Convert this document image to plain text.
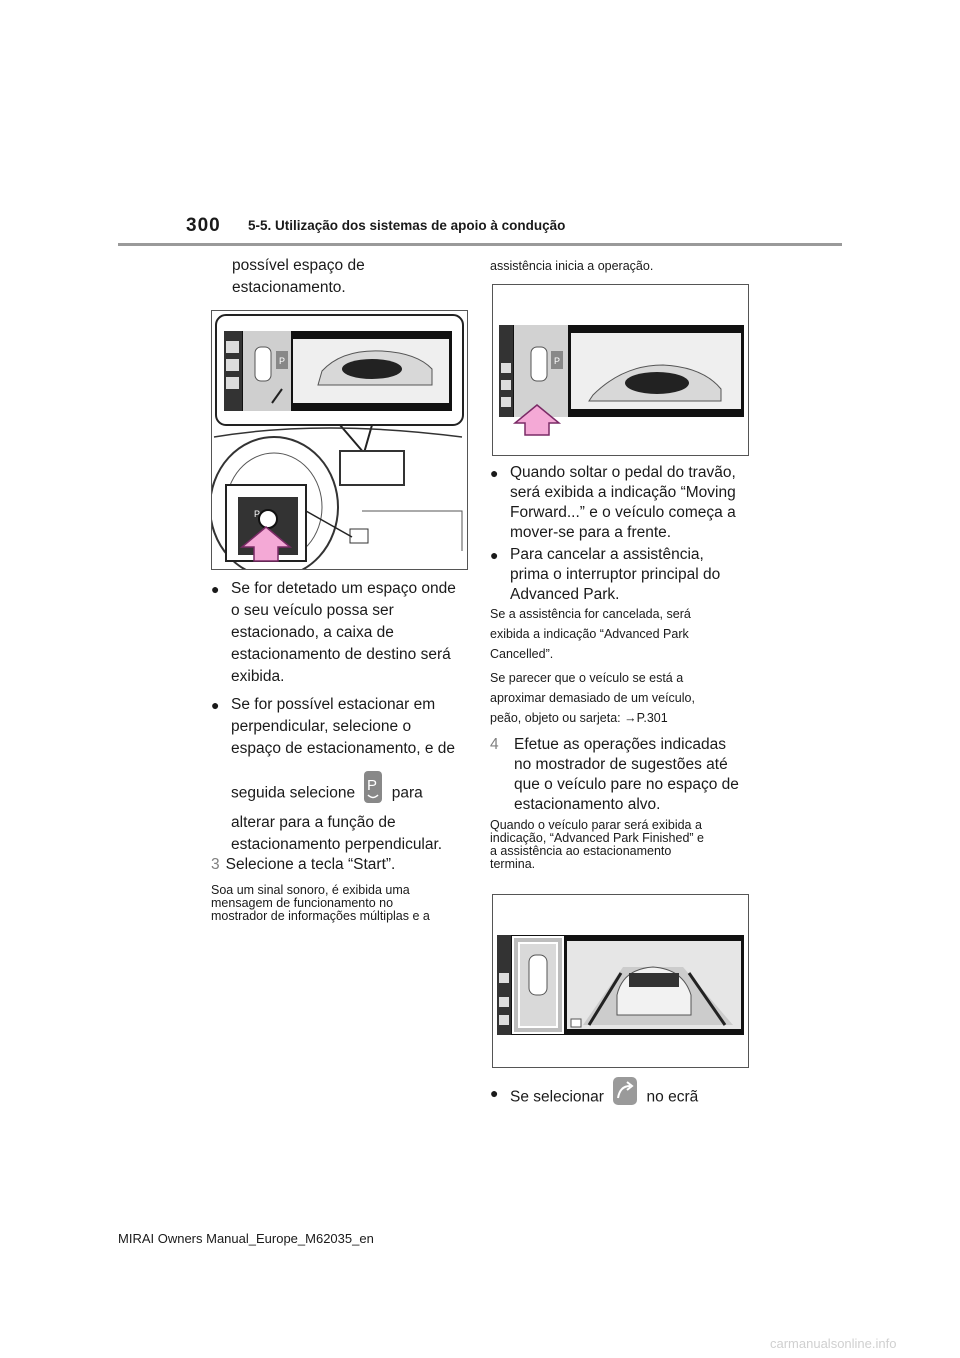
300 5-5. Utilização dos sistemas de apoio à condução
possível espaço de
estacionamento.
P
P
● Se for detetado um espaço onde
o seu veículo possa ser
estacionado, a caixa de
estacionamento de destino será
exibida.
● Se for possível estacionar em
perpendicular, selecione o
espaço de estacionamento, e de
seguida selecione P para
alterar para a função de
estacionamento perpendicular.
3 Selecione a tecla “Start”.
Soa um sinal sonoro, é exibida uma
mensagem de funcionamento no
mostrador de informações múltiplas e a
assistência inicia a operação.
P
● Quando soltar o pedal do travão,
será exibida a indicação “Moving
Forward...” e o veículo começa a
mover-se para a frente.
● Para cancelar a assistência,
prima o interruptor principal do
Advanced Park.
Se a assistência for cancelada, será
exibida a indicação “Advanced Park
Cancelled”.
Se parecer que o veículo se está a
aproximar demasiado de um veículo,
peão, objeto ou sarjeta: →P.301
4 Efetue as operações indicadas
no mostrador de sugestões até
que o veículo pare no espaço de
estacionamento alvo.
Quando o veículo parar será exibida a
indicação, “Advanced Park Finished” e
a assistência ao estacionamento
termina.
● Se selecionar	no ecrã
MIRAI Owners Manual_Europe_M62035_en
carmanualsonline.info
